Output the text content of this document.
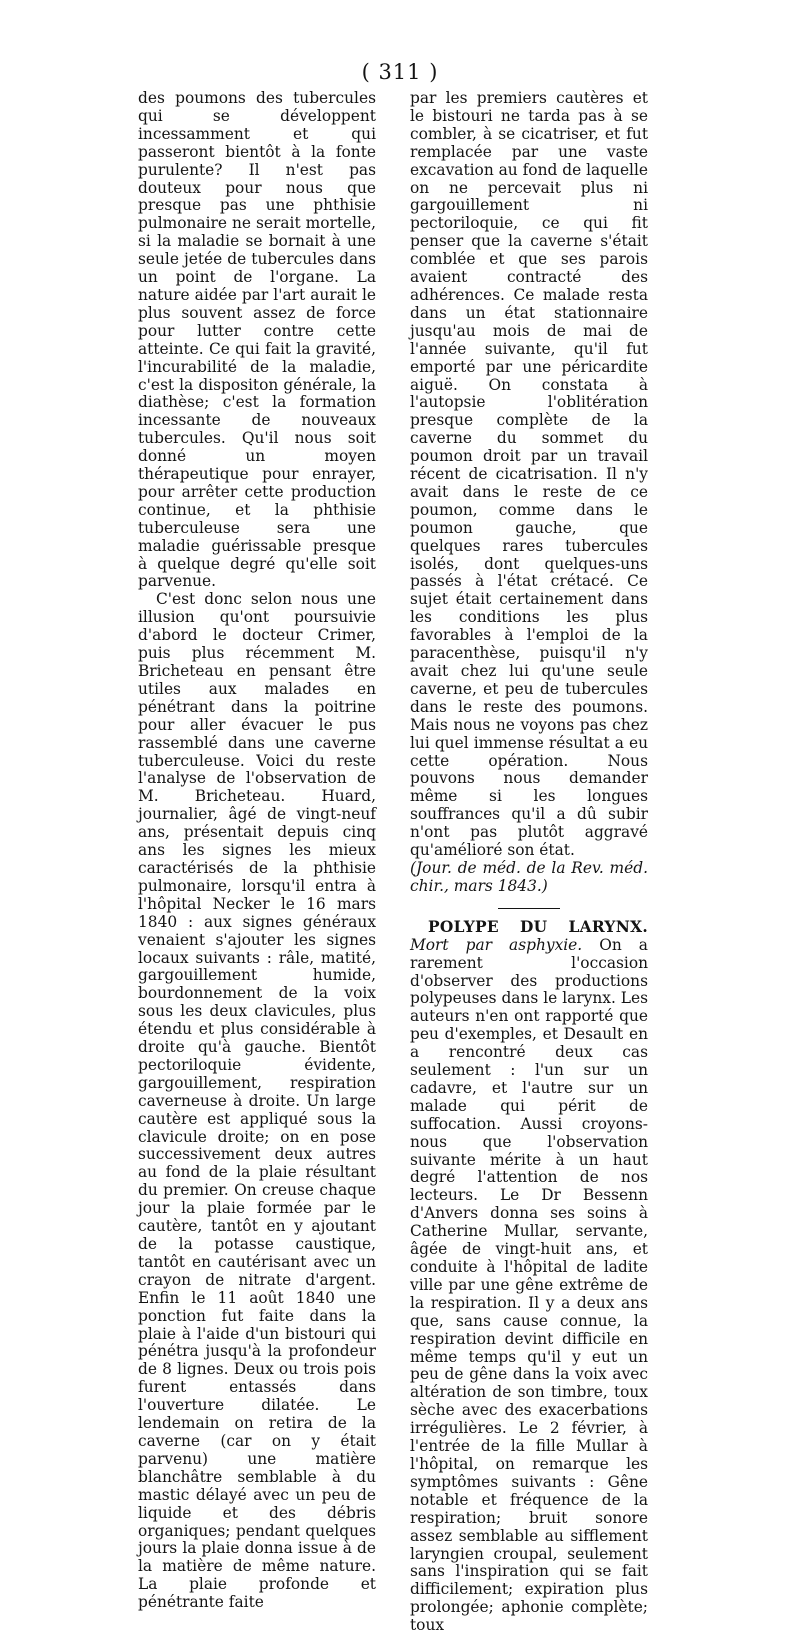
( 311 )

des poumons des tubercules qui se développent incessamment et qui passeront bientôt à la fonte purulente? Il n'est pas douteux pour nous que presque pas une phthisie pulmonaire ne serait mortelle, si la maladie se bornait à une seule jetée de tubercules dans un point de l'organe. La nature aidée par l'art aurait le plus souvent assez de force pour lutter contre cette atteinte. Ce qui fait la gravité, l'incurabilité de la maladie, c'est la dispositon générale, la diathèse; c'est la formation incessante de nouveaux tubercules. Qu'il nous soit donné un moyen thérapeutique pour enrayer, pour arrêter cette production continue, et la phthisie tuberculeuse sera une maladie guérissable presque à quelque degré qu'elle soit parvenue.

C'est donc selon nous une illusion qu'ont poursuivie d'abord le docteur Crimer, puis plus récemment M. Bricheteau en pensant être utiles aux malades en pénétrant dans la poitrine pour aller évacuer le pus rassemblé dans une caverne tuberculeuse. Voici du reste l'analyse de l'observation de M. Bricheteau. Huard, journalier, âgé de vingt-neuf ans, présentait depuis cinq ans les signes les mieux caractérisés de la phthisie pulmonaire, lorsqu'il entra à l'hôpital Necker le 16 mars 1840 : aux signes généraux venaient s'ajouter les signes locaux suivants : râle, matité, gargouillement humide, bourdonnement de la voix sous les deux clavicules, plus étendu et plus considérable à droite qu'à gauche. Bientôt pectoriloquie évidente, gargouillement, respiration caverneuse à droite. Un large cautère est appliqué sous la clavicule droite; on en pose successivement deux autres au fond de la plaie résultant du premier. On creuse chaque jour la plaie formée par le cautère, tantôt en y ajoutant de la potasse caustique, tantôt en cautérisant avec un crayon de nitrate d'argent. Enfin le 11 août 1840 une ponction fut faite dans la plaie à l'aide d'un bistouri qui pénétra jusqu'à la profondeur de 8 lignes. Deux ou trois pois furent entassés dans l'ouverture dilatée. Le lendemain on retira de la caverne (car on y était parvenu) une matière blanchâtre semblable à du mastic délayé avec un peu de liquide et des débris organiques; pendant quelques jours la plaie donna issue à de la matière de même nature. La plaie profonde et pénétrante faite

par les premiers cautères et le bistouri ne tarda pas à se combler, à se cicatriser, et fut remplacée par une vaste excavation au fond de laquelle on ne percevait plus ni gargouillement ni pectoriloquie, ce qui fit penser que la caverne s'était comblée et que ses parois avaient contracté des adhérences. Ce malade resta dans un état stationnaire jusqu'au mois de mai de l'année suivante, qu'il fut emporté par une péricardite aiguë. On constata à l'autopsie l'oblitération presque complète de la caverne du sommet du poumon droit par un travail récent de cicatrisation. Il n'y avait dans le reste de ce poumon, comme dans le poumon gauche, que quelques rares tubercules isolés, dont quelques-uns passés à l'état crétacé. Ce sujet était certainement dans les conditions les plus favorables à l'emploi de la paracenthèse, puisqu'il n'y avait chez lui qu'une seule caverne, et peu de tubercules dans le reste des poumons. Mais nous ne voyons pas chez lui quel immense résultat a eu cette opération. Nous pouvons nous demander même si les longues souffrances qu'il a dû subir n'ont pas plutôt aggravé qu'amélioré son état.

(Jour. de méd. de la Rev. méd. chir., mars 1843.)

POLYPE DU LARYNX. Mort par asphyxie. On a rarement l'occasion d'observer des productions polypeuses dans le larynx. Les auteurs n'en ont rapporté que peu d'exemples, et Desault en a rencontré deux cas seulement : l'un sur un cadavre, et l'autre sur un malade qui périt de suffocation. Aussi croyons-nous que l'observation suivante mérite à un haut degré l'attention de nos lecteurs. Le Dr Bessenn d'Anvers donna ses soins à Catherine Mullar, servante, âgée de vingt-huit ans, et conduite à l'hôpital de ladite ville par une gêne extrême de la respiration. Il y a deux ans que, sans cause connue, la respiration devint difficile en même temps qu'il y eut un peu de gêne dans la voix avec altération de son timbre, toux sèche avec des exacerbations irrégulières. Le 2 février, à l'entrée de la fille Mullar à l'hôpital, on remarque les symptômes suivants : Gêne notable et fréquence de la respiration; bruit sonore assez semblable au sifflement laryngien croupal, seulement sans l'inspiration qui se fait difficilement; expiration plus prolongée; aphonie complète; toux
